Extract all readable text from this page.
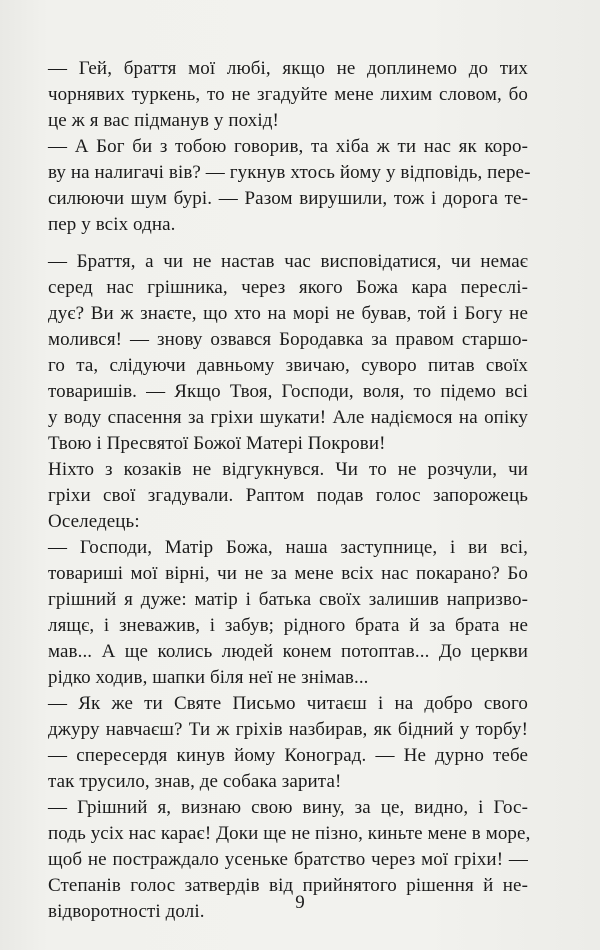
— Гей, браття мої любі, якщо не доплинемо до тих
чорнявих туркень, то не згадуйте мене лихим словом, бо
це ж я вас підманув у похід!
— А Бог би з тобою говорив, та хіба ж ти нас як коро-
ву на налигачі вів? — гукнув хтось йому у відповідь, пере-
силюючи шум бурі. — Разом вирушили, тож і дорога те-
пер у всіх одна.
— Браття, а чи не настав час висповідатися, чи немає
серед нас грішника, через якого Божа кара переслі-
дує? Ви ж знаєте, що хто на морі не бував, той і Богу не
молився! — знову озвався Бородавка за правом старшо-
го та, слідуючи давньому звичаю, суворо питав своїх
товаришів. — Якщо Твоя, Господи, воля, то підемо всі
у воду спасення за гріхи шукати! Але надіємося на опіку
Твою і Пресвятої Божої Матері Покрови!
Ніхто з козаків не відгукнувся. Чи то не розчули, чи
гріхи свої згадували. Раптом подав голос запорожець
Оселедець:
— Господи, Матір Божа, наша заступнице, і ви всі,
товариші мої вірні, чи не за мене всіх нас покарано? Бо
грішний я дуже: матір і батька своїх залишив напризво-
лящє, і зневажив, і забув; рідного брата й за брата не
мав... А ще колись людей конем потоптав... До церкви
рідко ходив, шапки біля неї не знімав...
— Як же ти Святе Письмо читаєш і на добро свого
джуру навчаєш? Ти ж гріхів назбирав, як бідний у торбу!
— спересердя кинув йому Коноград. — Не дурно тебе
так трусило, знав, де собака зарита!
— Грішний я, визнаю свою вину, за це, видно, і Гос-
подь усіх нас карає! Доки ще не пізно, киньте мене в море,
щоб не постраждало усеньке братство через мої гріхи! —
Степанів голос затвердів від прийнятого рішення й не-
відворотності долі.	9
